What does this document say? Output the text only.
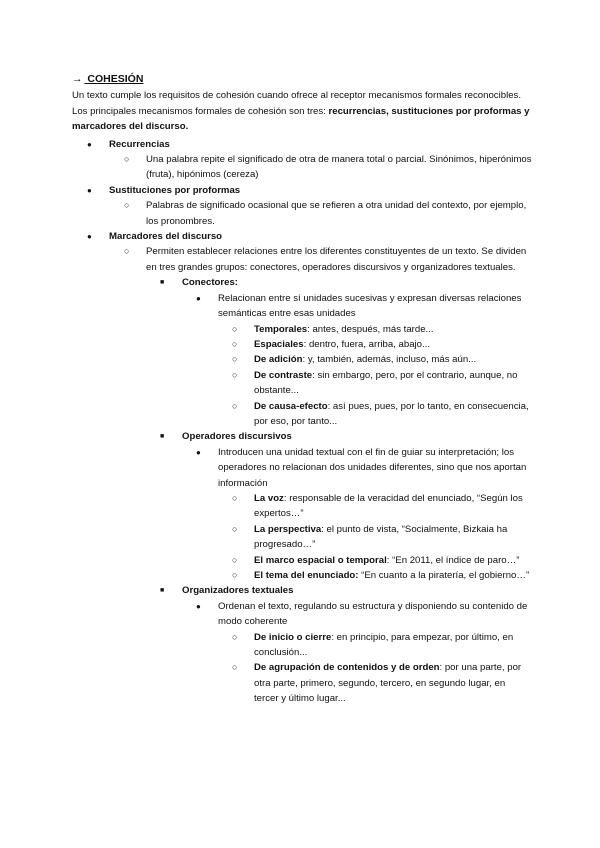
→ COHESIÓN

Un texto cumple los requisitos de cohesión cuando ofrece al receptor mecanismos formales reconocibles. Los principales mecanismos formales de cohesión son tres: recurrencias, sustituciones por proformas y marcadores del discurso.

● Recurrencias
○ Una palabra repite el significado de otra de manera total o parcial. Sinónimos, hiperónimos (fruta), hipónimos (cereza)
● Sustituciones por proformas
○ Palabras de significado ocasional que se refieren a otra unidad del contexto, por ejemplo, los pronombres.
● Marcadores del discurso
○ Permiten establecer relaciones entre los diferentes constituyentes de un texto. Se dividen en tres grandes grupos: conectores, operadores discursivos y organizadores textuales.
■ Conectores:
● Relacionan entre sí unidades sucesivas y expresan diversas relaciones semánticas entre esas unidades
○ Temporales: antes, después, más tarde...
○ Espaciales: dentro, fuera, arriba, abajo...
○ De adición: y, también, además, incluso, más aún...
○ De contraste: sin embargo, pero, por el contrario, aunque, no obstante...
○ De causa-efecto: así pues, pues, por lo tanto, en consecuencia, por eso, por tanto...
■ Operadores discursivos
● Introducen una unidad textual con el fin de guiar su interpretación; los operadores no relacionan dos unidades diferentes, sino que nos aportan información
○ La voz: responsable de la veracidad del enunciado, “Según los expertos…”
○ La perspectiva: el punto de vista, “Socialmente, Bizkaia ha progresado…”
○ El marco espacial o temporal: “En 2011, el índice de paro…”
○ El tema del enunciado: “En cuanto a la piratería, el gobierno…”
■ Organizadores textuales
● Ordenan el texto, regulando su estructura y disponiendo su contenido de modo coherente
○ De inicio o cierre: en principio, para empezar, por último, en conclusión...
○ De agrupación de contenidos y de orden: por una parte, por otra parte, primero, segundo, tercero, en segundo lugar, en tercer y último lugar...
